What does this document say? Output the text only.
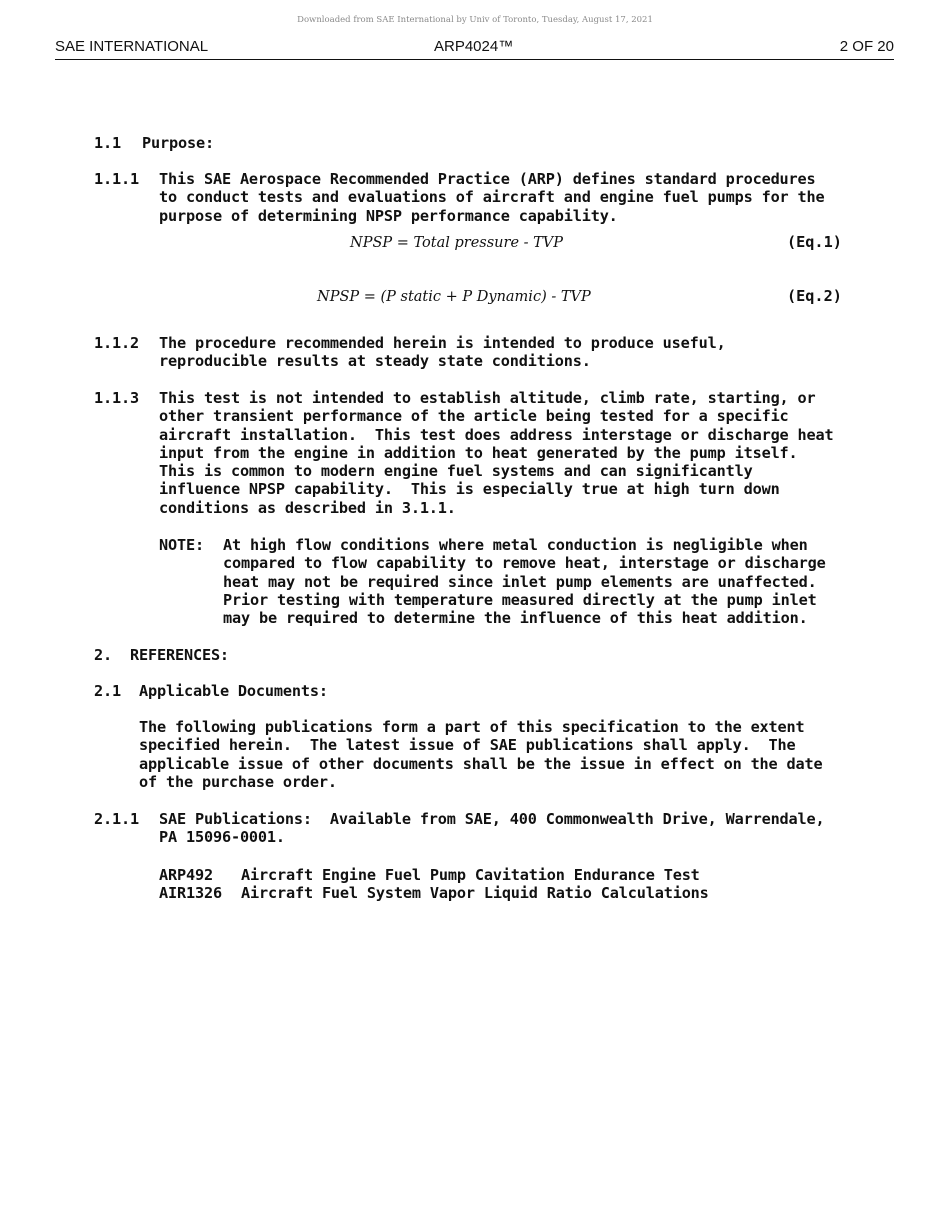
Downloaded from SAE International by Univ of Toronto, Tuesday, August 17, 2021
SAE INTERNATIONAL	ARP4024™	2 OF 20
1.1 Purpose:
1.1.1 This SAE Aerospace Recommended Practice (ARP) defines standard procedures
to conduct tests and evaluations of aircraft and engine fuel pumps for the
purpose of determining NPSP performance capability.
NPSP = Total pressure - TVP	(Eq.1)
NPSP = (P static + P Dynamic) - TVP	(Eq.2)
1.1.2 The procedure recommended herein is intended to produce useful,
reproducible results at steady state conditions.
1.1.3 This test is not intended to establish altitude, climb rate, starting, or
other transient performance of the article being tested for a specific
aircraft installation.  This test does address interstage or discharge heat
input from the engine in addition to heat generated by the pump itself.
This is common to modern engine fuel systems and can significantly
influence NPSP capability.  This is especially true at high turn down
conditions as described in 3.1.1.
NOTE: At high flow conditions where metal conduction is negligible when
compared to flow capability to remove heat, interstage or discharge
heat may not be required since inlet pump elements are unaffected.
Prior testing with temperature measured directly at the pump inlet
may be required to determine the influence of this heat addition.
2. REFERENCES:
2.1 Applicable Documents:
The following publications form a part of this specification to the extent
specified herein.  The latest issue of SAE publications shall apply.  The
applicable issue of other documents shall be the issue in effect on the date
of the purchase order.
2.1.1 SAE Publications:  Available from SAE, 400 Commonwealth Drive, Warrendale,
PA 15096-0001.
ARP492	Aircraft Engine Fuel Pump Cavitation Endurance Test
AIR1326	Aircraft Fuel System Vapor Liquid Ratio Calculations
